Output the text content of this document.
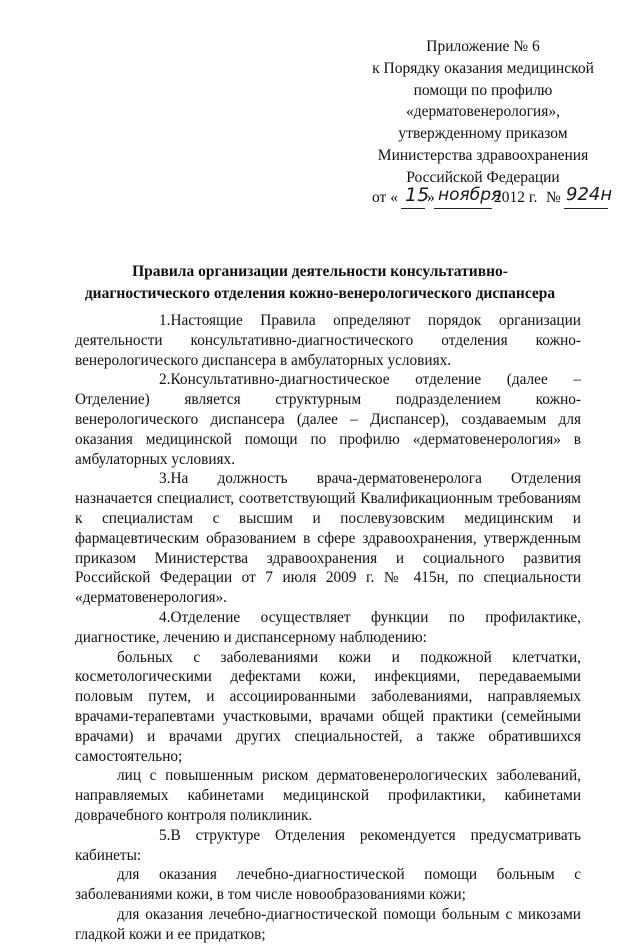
Приложение № 6
к Порядку оказания медицинской
помощи по профилю
«дерматовенерология»,
утвержденному приказом
Министерства здравоохранения
Российской Федерации
от « 15
» ноября
2012 г. № 924н
Правила организации деятельности консультативно-
диагностического отделения кожно-венерологического диспансера

1.Настоящие Правила определяют порядок организации деятельности консультативно-диагностического отделения кожно-венерологического диспансера в амбулаторных условиях.

2.Консультативно-диагностическое отделение (далее – Отделение) является структурным подразделением кожно-венерологического диспансера (далее – Диспансер), создаваемым для оказания медицинской помощи по профилю «дерматовенерология» в амбулаторных условиях.

3.На должность врача-дерматовенеролога Отделения назначается специалист, соответствующий Квалификационным требованиям к специалистам с высшим и послевузовским медицинским и фармацевтическим образованием в сфере здравоохранения, утвержденным приказом Министерства здравоохранения и социального развития Российской Федерации от 7 июля 2009 г. № 415н, по специальности «дерматовенерология».

4.Отделение осуществляет функции по профилактике, диагностике, лечению и диспансерному наблюдению:

больных с заболеваниями кожи и подкожной клетчатки, косметологическими дефектами кожи, инфекциями, передаваемыми половым путем, и ассоциированными заболеваниями, направляемых врачами-терапевтами участковыми, врачами общей практики (семейными врачами) и врачами других специальностей, а также обратившихся самостоятельно;

лиц с повышенным риском дерматовенерологических заболеваний, направляемых кабинетами медицинской профилактики, кабинетами доврачебного контроля поликлиник.

5.В структуре Отделения рекомендуется предусматривать кабинеты:

для оказания лечебно-диагностической помощи больным с заболеваниями кожи, в том числе новообразованиями кожи;

для оказания лечебно-диагностической помощи больным с микозами гладкой кожи и ее придатков;
